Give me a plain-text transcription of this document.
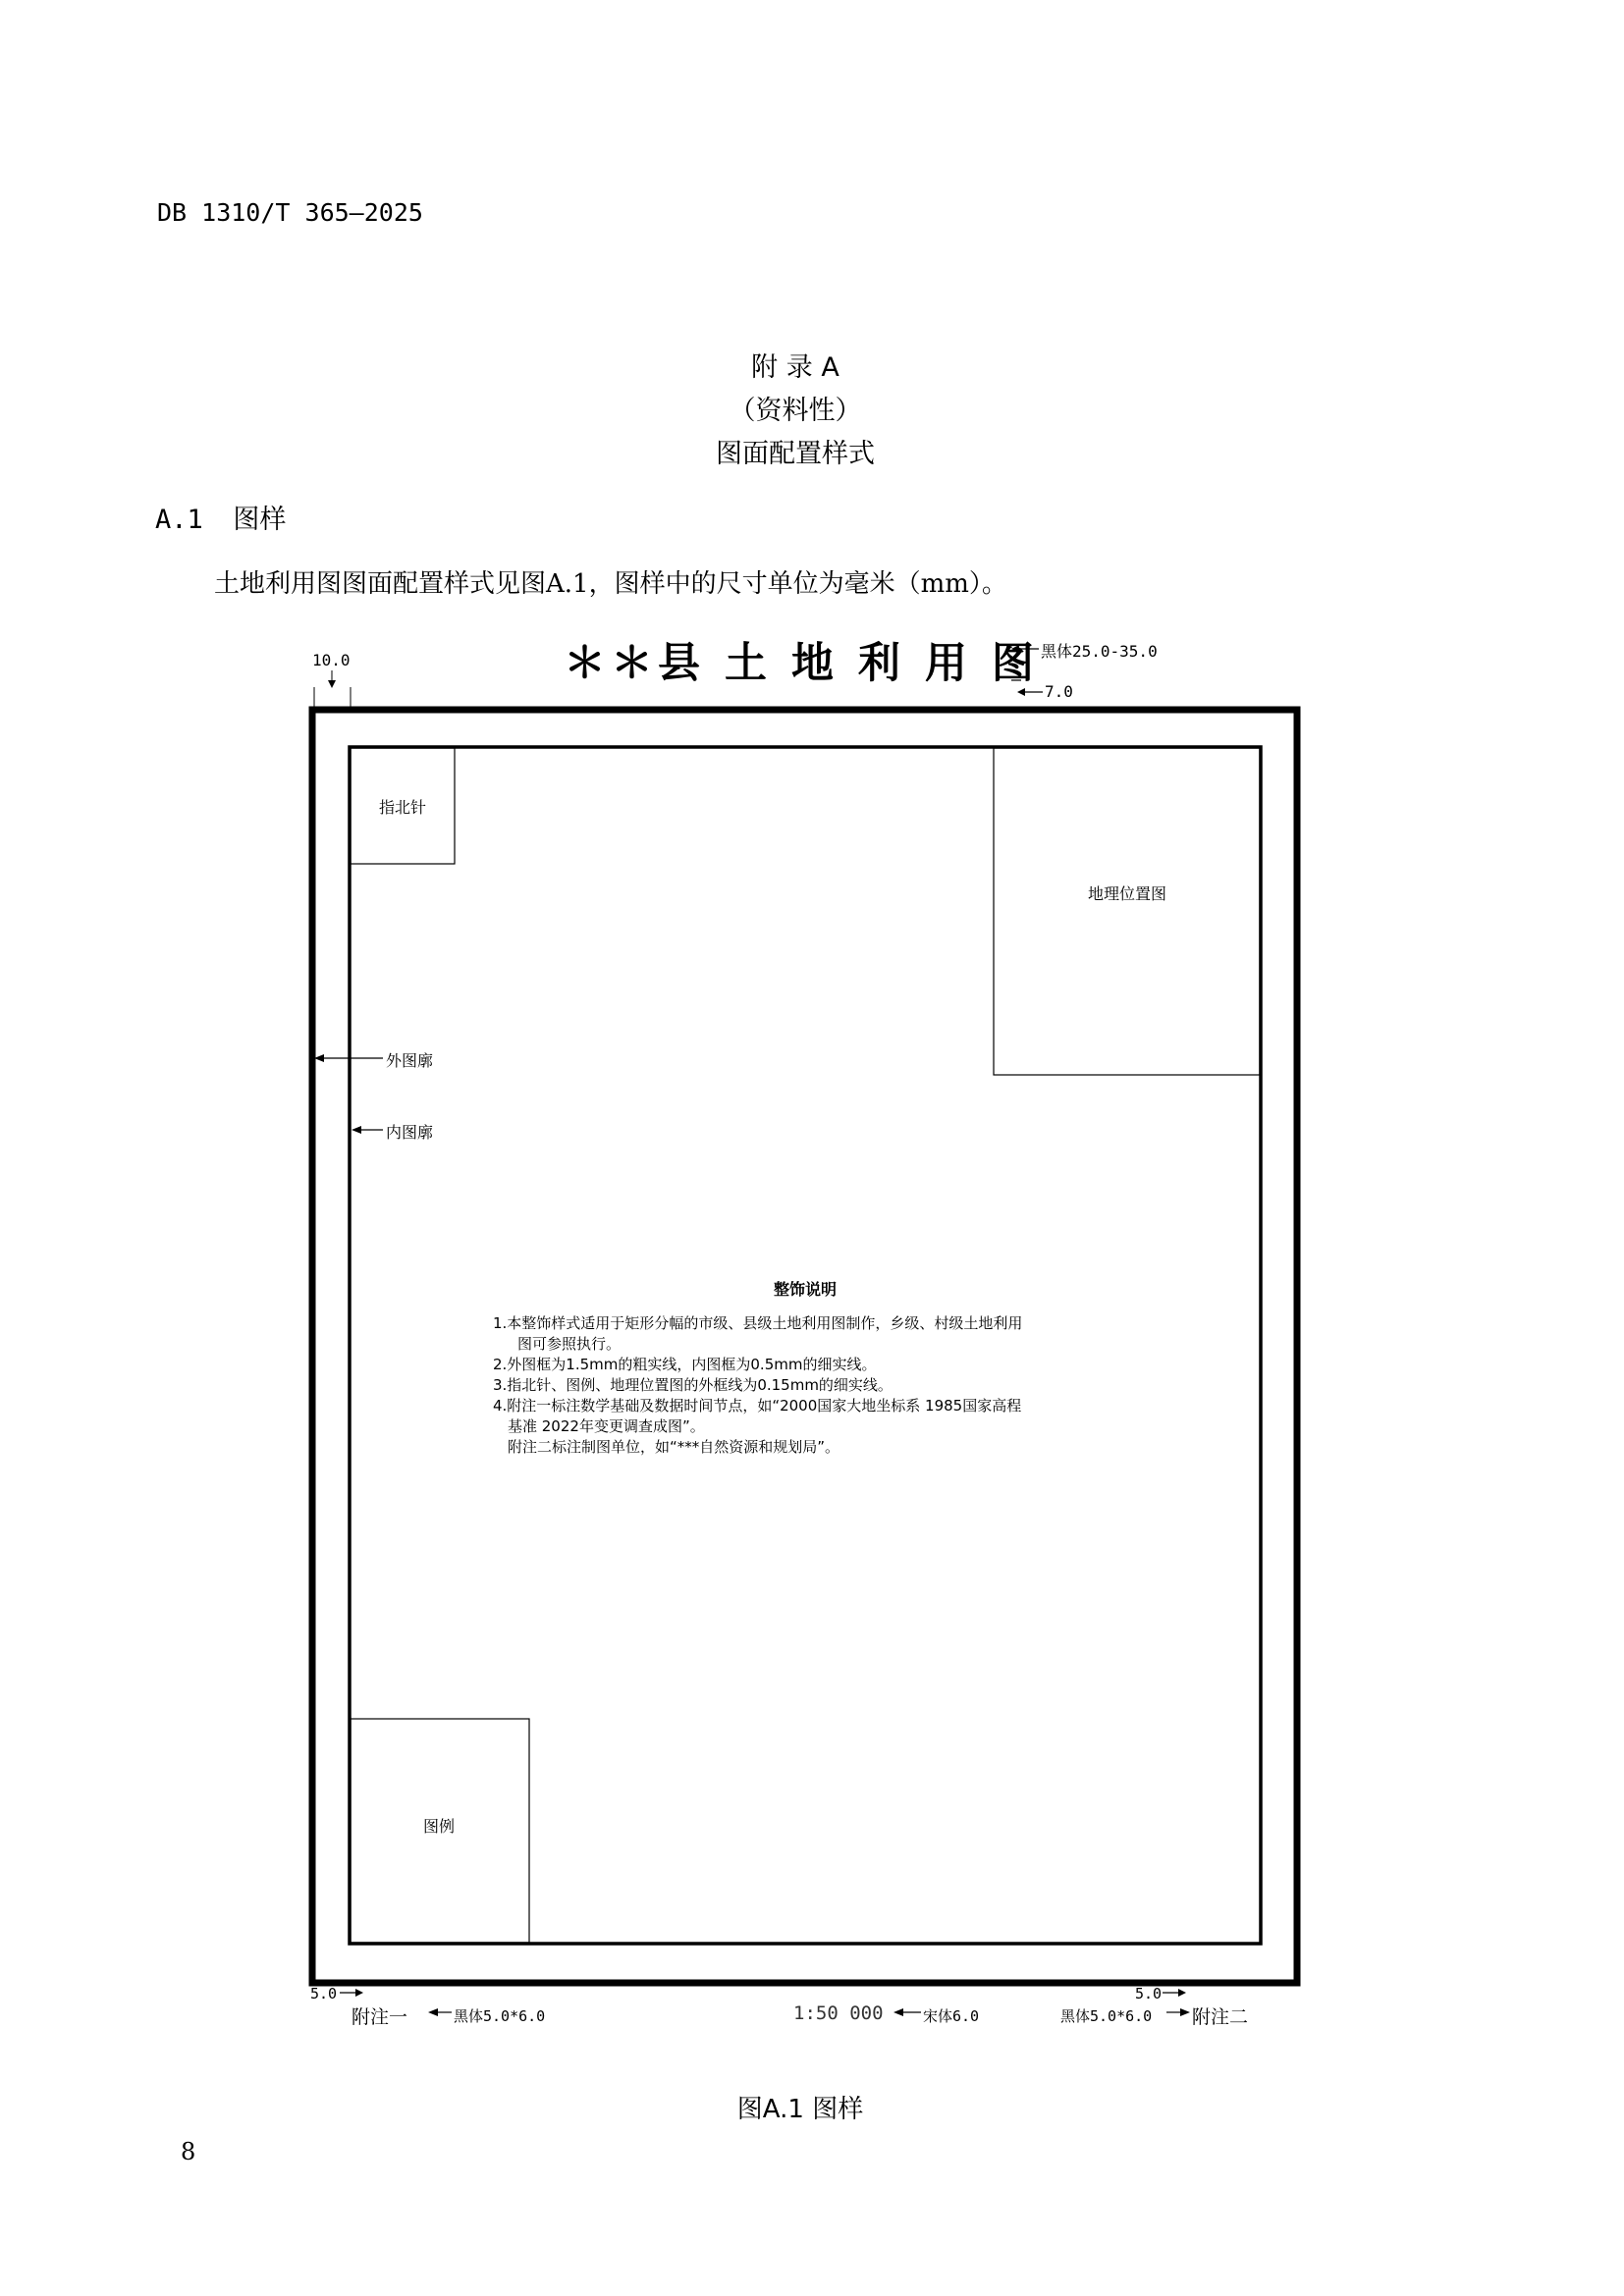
DB 1310/T 365—2025
附 录 A
（资料性）
图面配置样式
A.1 图样
土地利用图图面配置样式见图A.1，图样中的尺寸单位为毫米（mm）。
＊＊县 土 地 利 用 图 黑体25.0-35.0
7.0
10.0
指北针
地理位置图
外图廓
内图廓
图例
整饰说明
1.本整饰样式适用于矩形分幅的市级、县级土地利用图制作，乡级、村级土地利用
图可参照执行。
2.外图框为1.5mm的粗实线，内图框为0.5mm的细实线。
3.指北针、图例、地理位置图的外框线为0.15mm的细实线。
4.附注一标注数学基础及数据时间节点，如“2000国家大地坐标系 1985国家高程
基准 2022年变更调查成图”。
附注二标注制图单位，如“***自然资源和规划局”。
5.0	5.0
附注一	黑体5.0*6.0	1:50 000	宋体6.0	黑体5.0*6.0 附注二
图A.1 图样
8
